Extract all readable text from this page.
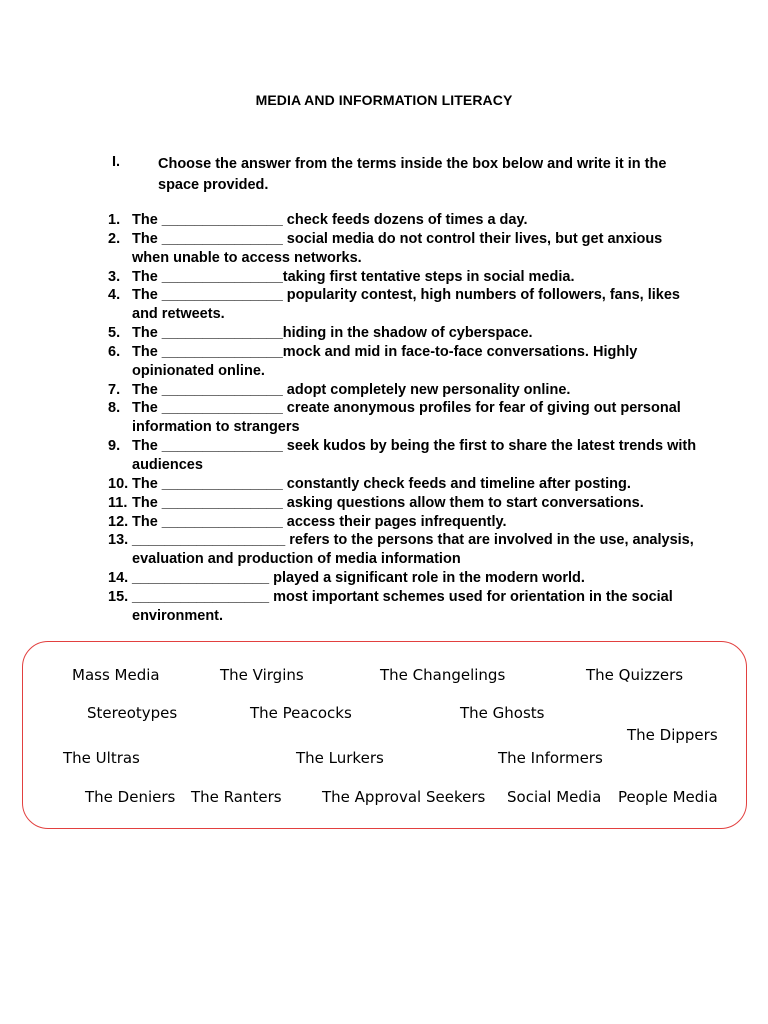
MEDIA AND INFORMATION LITERACY
I.	Choose the answer from the terms inside the box below and write it in the space provided.
1. The _______________ check feeds dozens of times a day.
2. The _______________ social media do not control their lives, but get anxious when unable to access networks.
3. The _______________taking first tentative steps in social media.
4. The _______________ popularity contest, high numbers of followers, fans, likes and retweets.
5. The _______________hiding in the shadow of cyberspace.
6. The _______________mock and mid in face-to-face conversations. Highly opinionated online.
7. The _______________ adopt completely new personality online.
8. The _______________ create anonymous profiles for fear of giving out personal information to strangers
9. The _______________ seek kudos by being the first to share the latest trends with audiences
10. The _______________ constantly check feeds and timeline after posting.
11. The _______________ asking questions allow them to start conversations.
12. The _______________ access their pages infrequently.
13. ___________________ refers to the persons that are involved in the use, analysis, evaluation and production of media information
14. _________________ played a significant role in the modern world.
15. _________________ most important schemes used for orientation in the social environment.
Mass Media	The Virgins	The Changelings	The Quizzers
Stereotypes	The Peacocks	The Ghosts
The Dippers
The Ultras	The Lurkers	The Informers
The Deniers The Ranters	The Approval Seekers Social Media People Media
